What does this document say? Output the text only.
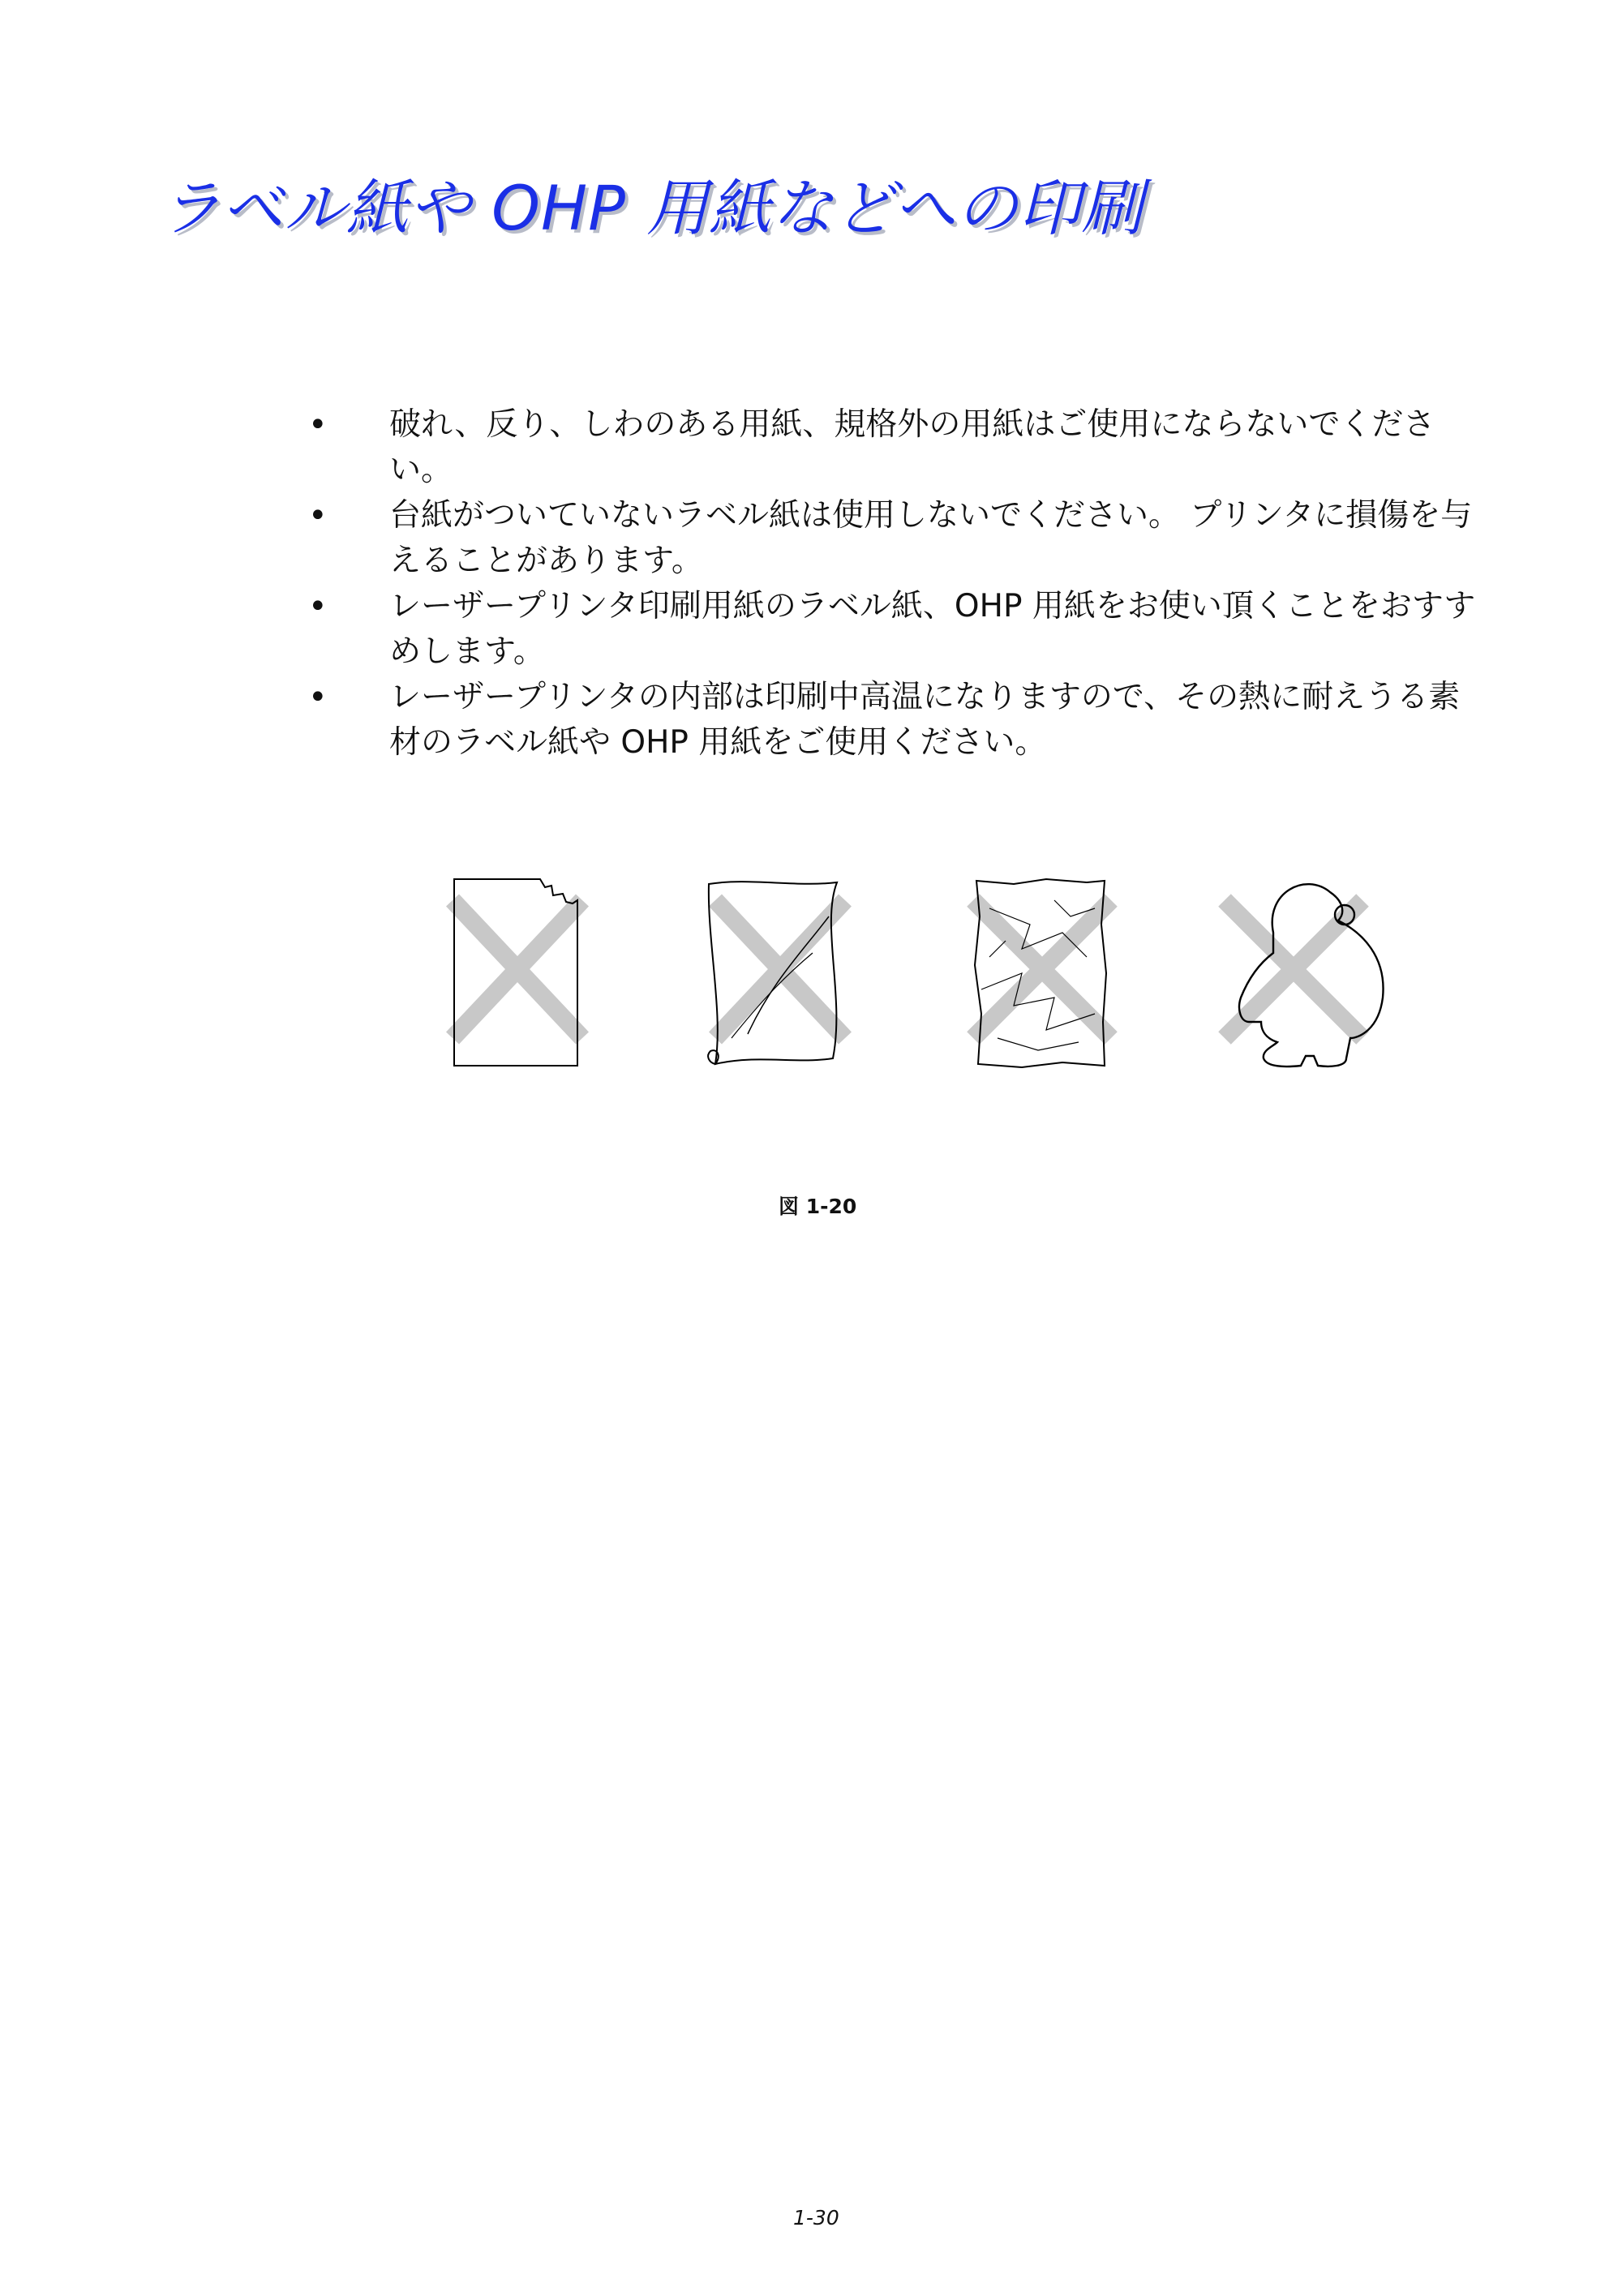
ラベル紙や OHP 用紙などへの印刷
• 破れ、反り、しわのある用紙、規格外の用紙はご使用にならないでください。
• 台紙がついていないラベル紙は使用しないでください。 プリンタに損傷を与えることがあります。
• レーザープリンタ印刷用紙のラベル紙、OHP 用紙をお使い頂くことをおすすめします。
• レーザープリンタの内部は印刷中高温になりますので、その熱に耐えうる素材のラベル紙や OHP 用紙をご使用ください。
図 1-20
1-30
